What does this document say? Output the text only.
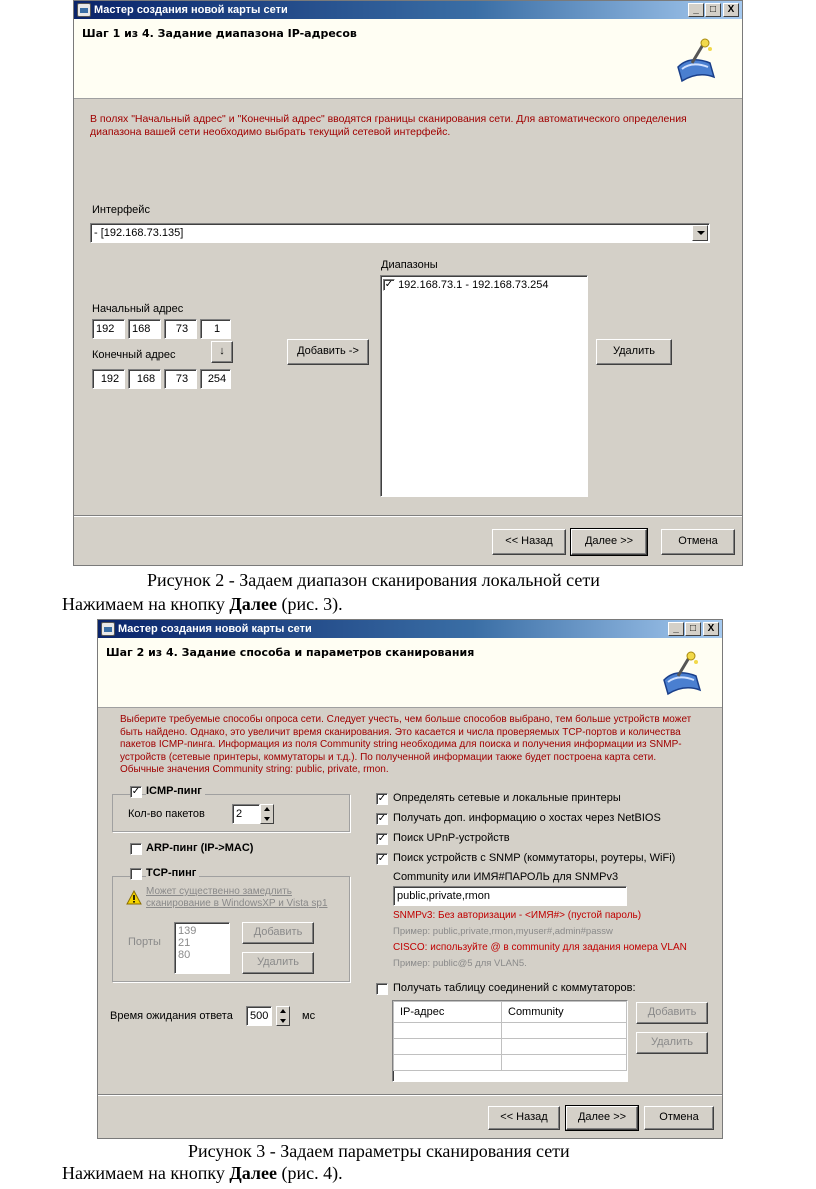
Мастер создания новой карты сети	_	□	X
Шаг 1 из 4. Задание диапазона IP-адресов
В полях "Начальный адрес" и "Конечный адрес" вводятся границы сканирования сети. Для автоматического определения диапазона вашей сети необходимо выбрать текущий сетевой интерфейс.
Интерфейс
- [192.168.73.135]
Начальный адрес
192	168	73	1
Конечный адрес	↓
192	168	73	254
Добавить ->
Диапазоны
✓ 192.168.73.1 - 192.168.73.254
Удалить
<< Назад	Далее >>	Отмена
Рисунок 2 - Задаем диапазон сканирования локальной сети
Нажимаем на кнопку Далее (рис. 3).
Мастер создания новой карты сети	_	□	X
Шаг 2 из 4. Задание способа и параметров сканирования
Выберите требуемые способы опроса сети. Следует учесть, чем больше способов выбрано, тем больше устройств может быть найдено. Однако, это увеличит время сканирования. Это касается и числа проверяемых TCP-портов и количества пакетов ICMP-пинга. Информация из поля Community string необходима для поиска и получения информации из SNMP-устройств (сетевые принтеры, коммутаторы и т.д.). По полученной информации также будет построена карта сети. Обычные значения Community string: public, private, rmon.
✓ ICMP-пинг
Кол-во пакетов	2
ARP-пинг (IP->MAC)
TCP-пинг
Может существенно замедлить сканирование в WindowsXP и Vista sp1
Порты
139
21
80
Добавить
Удалить
Время ожидания ответа	500	мс
✓ Определять сетевые и локальные принтеры
✓ Получать доп. информацию о хостах через NetBIOS
✓ Поиск UPnP-устройств
✓ Поиск устройств с SNMP (коммутаторы, роутеры, WiFi)
Community или ИМЯ#ПАРОЛЬ для SNMPv3
public,private,rmon
SNMPv3: Без авторизации - <ИМЯ#> (пустой пароль)
Пример: public,private,rmon,myuser#,admin#passw
CISCO: используйте @ в community для задания номера VLAN
Пример: public@5 для VLAN5.
Получать таблицу соединений с коммутаторов:
IP-адрес	Community

		Добавить
Удалить
<< Назад	Далее >>	Отмена
Рисунок 3 - Задаем параметры сканирования сети
Нажимаем на кнопку Далее (рис. 4).
